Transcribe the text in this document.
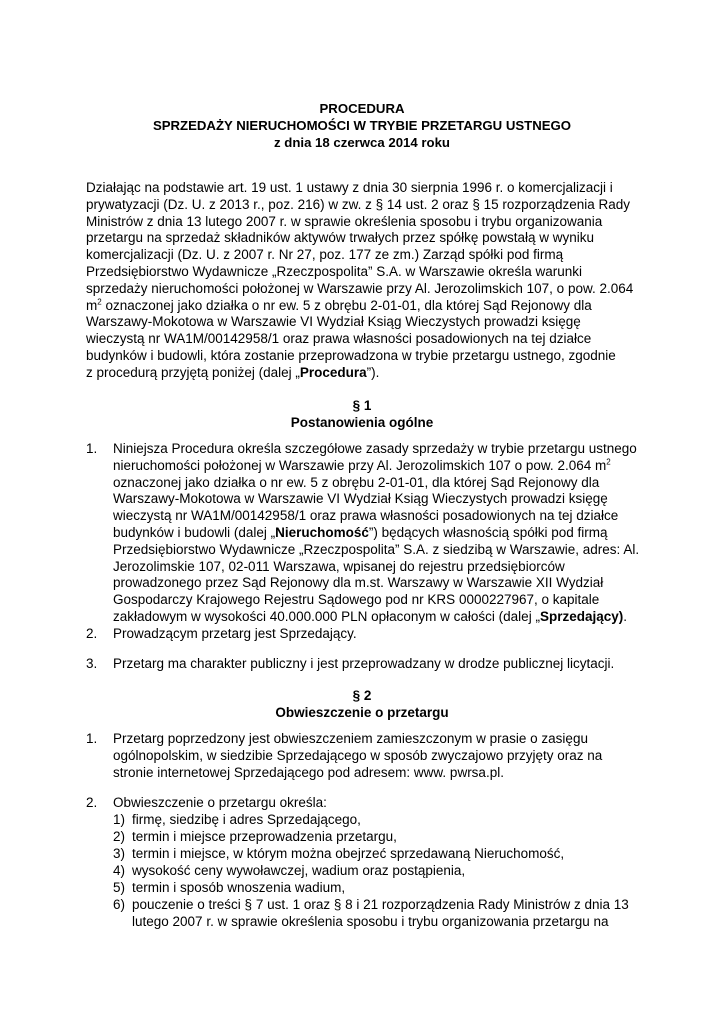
PROCEDURA
SPRZEDAŻY NIERUCHOMOŚCI W TRYBIE PRZETARGU USTNEGO
z dnia 18 czerwca 2014 roku
Działając na podstawie art. 19 ust. 1 ustawy z dnia 30 sierpnia 1996 r. o komercjalizacji i
prywatyzacji (Dz. U. z 2013 r., poz. 216) w zw. z § 14 ust. 2 oraz § 15 rozporządzenia Rady
Ministrów z dnia 13 lutego 2007 r. w sprawie określenia sposobu i trybu organizowania
przetargu na sprzedaż składników aktywów trwałych przez spółkę powstałą w wyniku
komercjalizacji (Dz. U. z 2007 r. Nr 27, poz. 177 ze zm.) Zarząd spółki pod firmą
Przedsiębiorstwo Wydawnicze „Rzeczpospolita” S.A. w Warszawie określa warunki
sprzedaży nieruchomości położonej w Warszawie przy Al. Jerozolimskich 107, o pow. 2.064
$m^2$ oznaczonej jako działka o nr ew. 5 z obrębu 2-01-01, dla której Sąd Rejonowy dla
Warszawy-Mokotowa w Warszawie VI Wydział Ksiąg Wieczystych prowadzi księgę
wieczystą nr WA1M/00142958/1 oraz prawa własności posadowionych na tej działce
budynków i budowli, która zostanie przeprowadzona w trybie przetargu ustnego, zgodnie
z procedurą przyjętą poniżej (dalej „Procedura”).
§ 1
Postanowienia ogólne
1. Niniejsza Procedura określa szczegółowe zasady sprzedaży w trybie przetargu ustnego
nieruchomości położonej w Warszawie przy Al. Jerozolimskich 107 o pow. 2.064 $m^2$
oznaczonej jako działka o nr ew. 5 z obrębu 2-01-01, dla której Sąd Rejonowy dla
Warszawy-Mokotowa w Warszawie VI Wydział Ksiąg Wieczystych prowadzi księgę
wieczystą nr WA1M/00142958/1 oraz prawa własności posadowionych na tej działce
budynków i budowli (dalej „Nieruchomość”) będących własnością spółki pod firmą
Przedsiębiorstwo Wydawnicze „Rzeczpospolita” S.A. z siedzibą w Warszawie, adres: Al.
Jerozolimskie 107, 02-011 Warszawa, wpisanej do rejestru przedsiębiorców
prowadzonego przez Sąd Rejonowy dla m.st. Warszawy w Warszawie XII Wydział
Gospodarczy Krajowego Rejestru Sądowego pod nr KRS 0000227967, o kapitale
zakładowym w wysokości 40.000.000 PLN opłaconym w całości (dalej „Sprzedający).
2. Prowadzącym przetarg jest Sprzedający.
3. Przetarg ma charakter publiczny i jest przeprowadzany w drodze publicznej licytacji.
§ 2
Obwieszczenie o przetargu
1. Przetarg poprzedzony jest obwieszczeniem zamieszczonym w prasie o zasięgu
ogólnopolskim, w siedzibie Sprzedającego w sposób zwyczajowo przyjęty oraz na
stronie internetowej Sprzedającego pod adresem: www. pwrsa.pl.
2. Obwieszczenie o przetargu określa:
1) firmę, siedzibę i adres Sprzedającego,
2) termin i miejsce przeprowadzenia przetargu,
3) termin i miejsce, w którym można obejrzeć sprzedawaną Nieruchomość,
4) wysokość ceny wywoławczej, wadium oraz postąpienia,
5) termin i sposób wnoszenia wadium,
6) pouczenie o treści § 7 ust. 1 oraz § 8 i 21 rozporządzenia Rady Ministrów z dnia 13
lutego 2007 r. w sprawie określenia sposobu i trybu organizowania przetargu na
